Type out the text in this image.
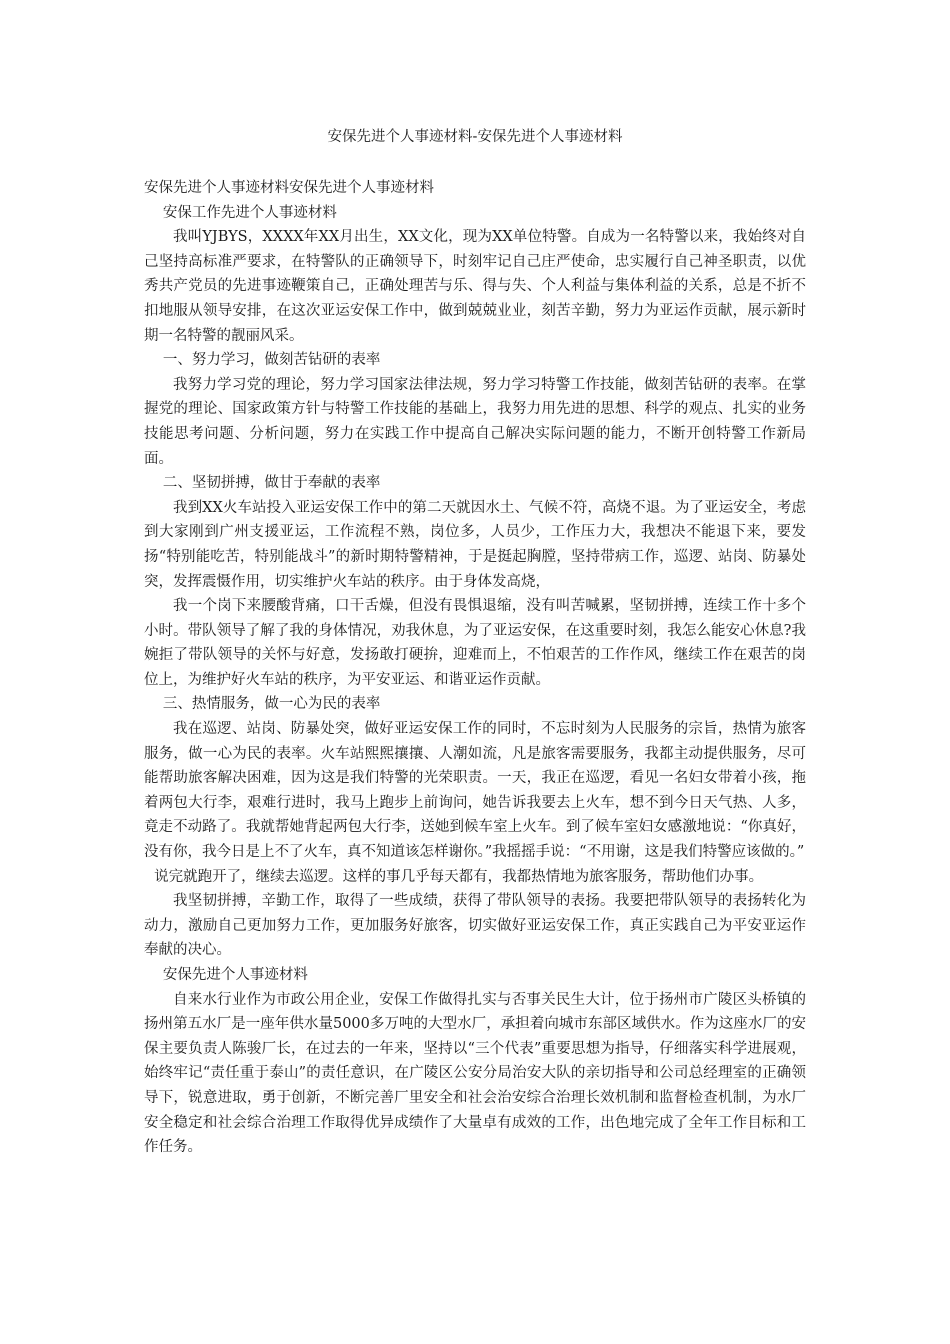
安保先进个人事迹材料-安保先进个人事迹材料

安保先进个人事迹材料安保先进个人事迹材料

安保工作先进个人事迹材料

我叫YJBYS，XXXX年XX月出生，XX文化，现为XX单位特警。自成为一名特警以来，我始终对自己坚持高标准严要求，在特警队的正确领导下，时刻牢记自己庄严使命，忠实履行自己神圣职责，以优秀共产党员的先进事迹鞭策自己，正确处理苦与乐、得与失、个人利益与集体利益的关系，总是不折不扣地服从领导安排，在这次亚运安保工作中，做到兢兢业业，刻苦辛勤，努力为亚运作贡献，展示新时期一名特警的靓丽风采。

一、努力学习，做刻苦钻研的表率

我努力学习党的理论，努力学习国家法律法规，努力学习特警工作技能，做刻苦钻研的表率。在掌握党的理论、国家政策方针与特警工作技能的基础上，我努力用先进的思想、科学的观点、扎实的业务技能思考问题、分析问题，努力在实践工作中提高自己解决实际问题的能力，不断开创特警工作新局面。

二、坚韧拼搏，做甘于奉献的表率

我到XX火车站投入亚运安保工作中的第二天就因水土、气候不符，高烧不退。为了亚运安全，考虑到大家刚到广州支援亚运，工作流程不熟，岗位多，人员少，工作压力大，我想决不能退下来，要发扬“特别能吃苦，特别能战斗”的新时期特警精神，于是挺起胸膛，坚持带病工作，巡逻、站岗、防暴处突，发挥震慑作用，切实维护火车站的秩序。由于身体发高烧，

我一个岗下来腰酸背痛，口干舌燥，但没有畏惧退缩，没有叫苦喊累，坚韧拼搏，连续工作十多个小时。带队领导了解了我的身体情况，劝我休息，为了亚运安保，在这重要时刻，我怎么能安心休息?我婉拒了带队领导的关怀与好意，发扬敢打硬拚，迎难而上，不怕艰苦的工作作风，继续工作在艰苦的岗位上，为维护好火车站的秩序，为平安亚运、和谐亚运作贡献。

三、热情服务，做一心为民的表率

我在巡逻、站岗、防暴处突，做好亚运安保工作的同时，不忘时刻为人民服务的宗旨，热情为旅客服务，做一心为民的表率。火车站熙熙攘攘、人潮如流，凡是旅客需要服务，我都主动提供服务，尽可能帮助旅客解决困难，因为这是我们特警的光荣职责。一天，我正在巡逻，看见一名妇女带着小孩，拖着两包大行李，艰难行进时，我马上跑步上前询问，她告诉我要去上火车，想不到今日天气热、人多，竟走不动路了。我就帮她背起两包大行李，送她到候车室上火车。到了候车室妇女感激地说：“你真好，没有你，我今日是上不了火车，真不知道该怎样谢你。”我摇摇手说：“不用谢，这是我们特警应该做的。”

说完就跑开了，继续去巡逻。这样的事几乎每天都有，我都热情地为旅客服务，帮助他们办事。

我坚韧拼搏，辛勤工作，取得了一些成绩，获得了带队领导的表扬。我要把带队领导的表扬转化为动力，激励自己更加努力工作，更加服务好旅客，切实做好亚运安保工作，真正实践自己为平安亚运作奉献的决心。

安保先进个人事迹材料

自来水行业作为市政公用企业，安保工作做得扎实与否事关民生大计，位于扬州市广陵区头桥镇的扬州第五水厂是一座年供水量5000多万吨的大型水厂，承担着向城市东部区域供水。作为这座水厂的安保主要负责人陈骏厂长，在过去的一年来，坚持以“三个代表”重要思想为指导，仔细落实科学进展观，始终牢记“责任重于泰山”的责任意识，在广陵区公安分局治安大队的亲切指导和公司总经理室的正确领导下，锐意进取，勇于创新，不断完善厂里安全和社会治安综合治理长效机制和监督检查机制，为水厂安全稳定和社会综合治理工作取得优异成绩作了大量卓有成效的工作，出色地完成了全年工作目标和工作任务。
